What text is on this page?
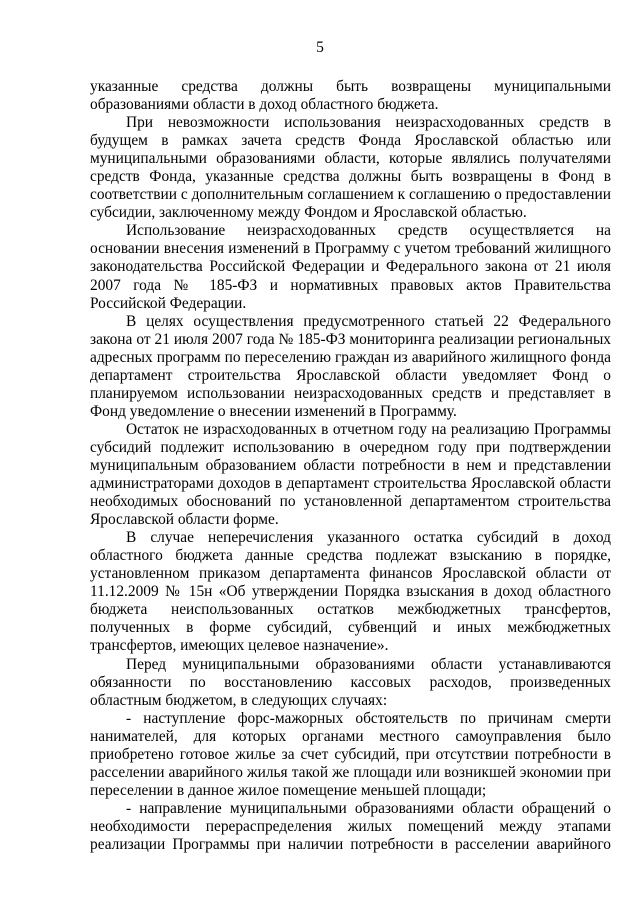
5

указанные средства должны быть возвращены муниципальными образованиями области в доход областного бюджета.

При невозможности использования неизрасходованных средств в будущем в рамках зачета средств Фонда Ярославской областью или муниципальными образованиями области, которые являлись получателями средств Фонда, указанные средства должны быть возвращены в Фонд в соответствии с дополнительным соглашением к соглашению о предоставлении субсидии, заключенному между Фондом и Ярославской областью.

Использование неизрасходованных средств осуществляется на основании внесения изменений в Программу с учетом требований жилищного законодательства Российской Федерации и Федерального закона от 21 июля 2007 года № 185-ФЗ и нормативных правовых актов Правительства Российской Федерации.

В целях осуществления предусмотренного статьей 22 Федерального закона от 21 июля 2007 года № 185-ФЗ мониторинга реализации региональных адресных программ по переселению граждан из аварийного жилищного фонда департамент строительства Ярославской области уведомляет Фонд о планируемом использовании неизрасходованных средств и представляет в Фонд уведомление о внесении изменений в Программу.

Остаток не израсходованных в отчетном году на реализацию Программы субсидий подлежит использованию в очередном году при подтверждении муниципальным образованием области потребности в нем и представлении администраторами доходов в департамент строительства Ярославской области необходимых обоснований по установленной департаментом строительства Ярославской области форме.

В случае неперечисления указанного остатка субсидий в доход областного бюджета данные средства подлежат взысканию в порядке, установленном приказом департамента финансов Ярославской области от 11.12.2009 № 15н «Об утверждении Порядка взыскания в доход областного бюджета неиспользованных остатков межбюджетных трансфертов, полученных в форме субсидий, субвенций и иных межбюджетных трансфертов, имеющих целевое назначение».

Перед муниципальными образованиями области устанавливаются обязанности по восстановлению кассовых расходов, произведенных областным бюджетом, в следующих случаях:

- наступление форс-мажорных обстоятельств по причинам смерти нанимателей, для которых органами местного самоуправления было приобретено готовое жилье за счет субсидий, при отсутствии потребности в расселении аварийного жилья такой же площади или возникшей экономии при переселении в данное жилое помещение меньшей площади;

- направление муниципальными образованиями области обращений о необходимости перераспределения жилых помещений между этапами реализации Программы при наличии потребности в расселении аварийного
